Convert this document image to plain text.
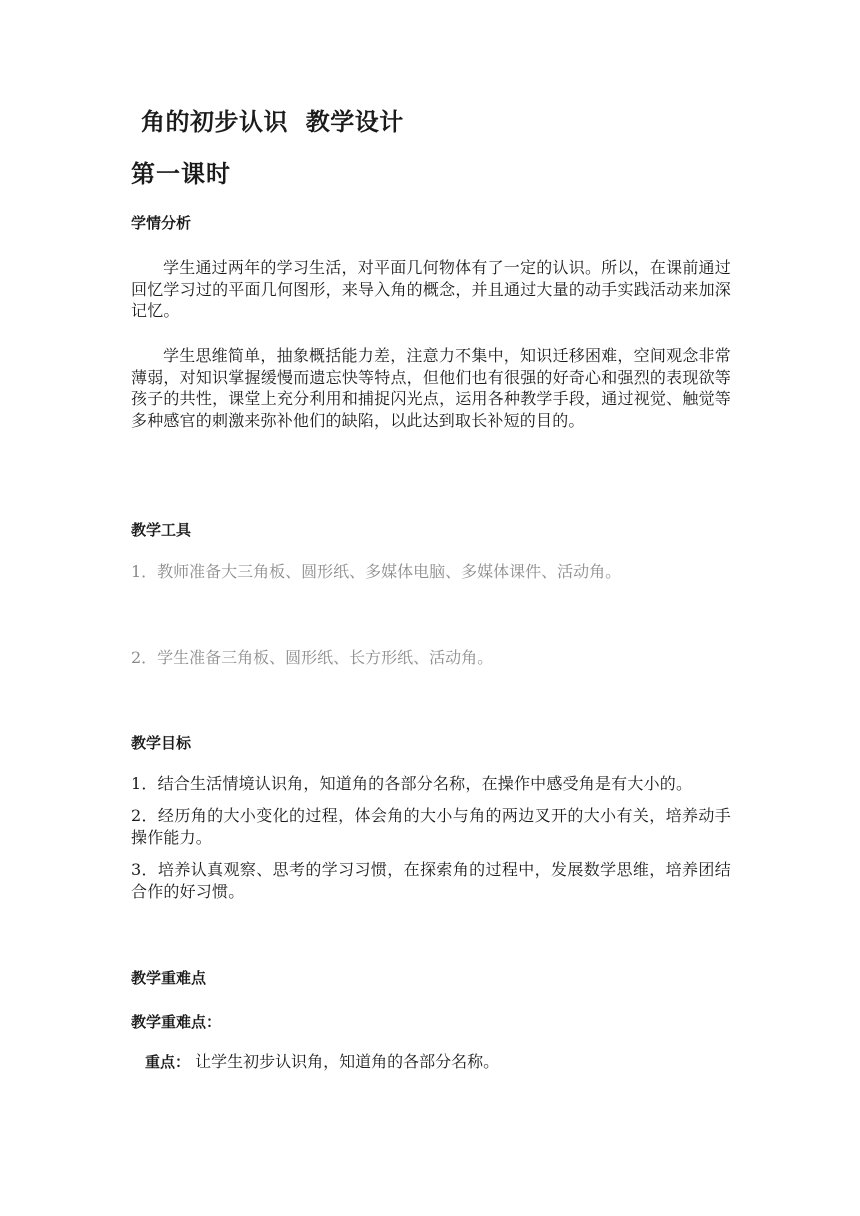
角的初步认识  教学设计
第一课时
学情分析

学生通过两年的学习生活，对平面几何物体有了一定的认识。所以，在课前通过回忆学习过的平面几何图形，来导入角的概念，并且通过大量的动手实践活动来加深记忆。

学生思维简单，抽象概括能力差，注意力不集中，知识迁移困难，空间观念非常薄弱，对知识掌握缓慢而遗忘快等特点，但他们也有很强的好奇心和强烈的表现欲等孩子的共性，课堂上充分利用和捕捉闪光点，运用各种教学手段，通过视觉、触觉等多种感官的刺激来弥补他们的缺陷，以此达到取长补短的目的。

教学工具
1．教师准备大三角板、圆形纸、多媒体电脑、多媒体课件、活动角。
2．学生准备三角板、圆形纸、长方形纸、活动角。
教学目标

1．结合生活情境认识角，知道角的各部分名称，在操作中感受角是有大小的。

2．经历角的大小变化的过程，体会角的大小与角的两边叉开的大小有关，培养动手操作能力。

3．培养认真观察、思考的学习习惯，在探索角的过程中，发展数学思维，培养团结合作的好习惯。

教学重难点
教学重难点：
重点： 让学生初步认识角，知道角的各部分名称。
